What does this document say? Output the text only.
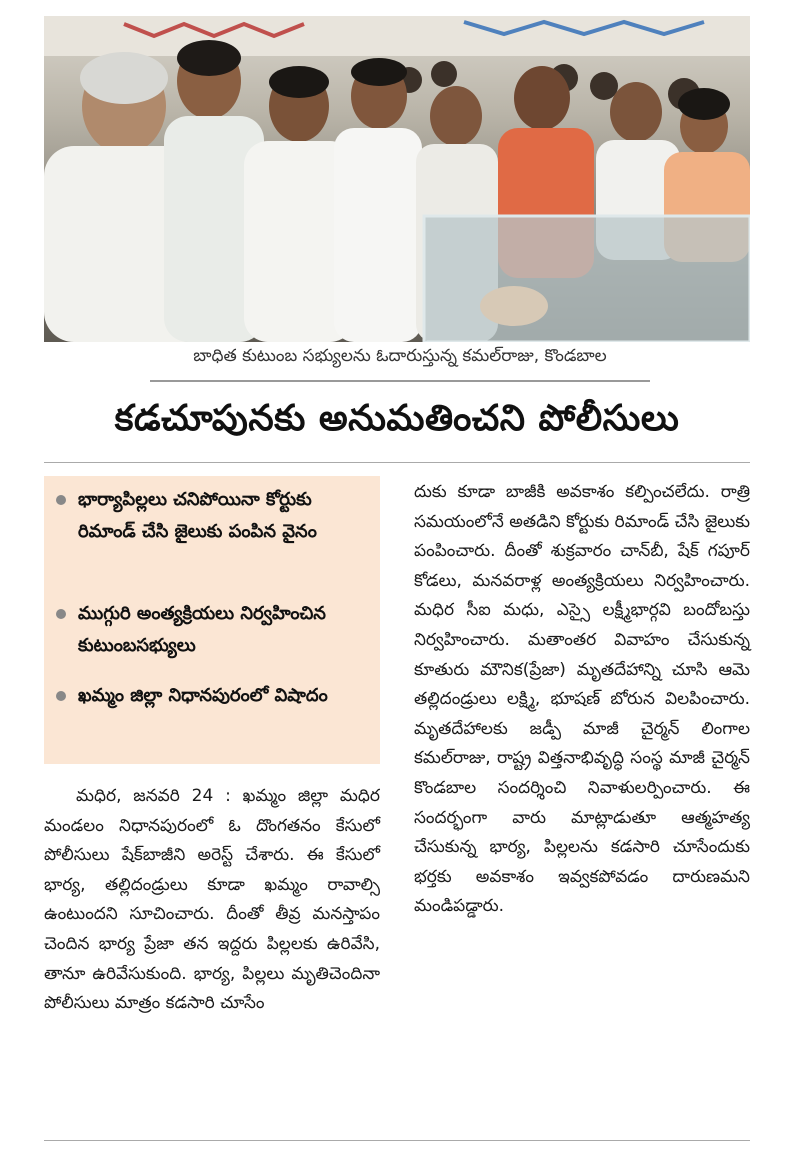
బాధిత కుటుంబ సభ్యులను ఓదారుస్తున్న కమల్‌రాజు, కొండబాల
కడచూపునకు అనుమతించని పోలీసులు
భార్యాపిల్లలు చనిపోయినా కోర్టుకు రిమాండ్‌ చేసి జైలుకు పంపిన వైనం
ముగ్గురి అంత్యక్రియలు నిర్వహించిన కుటుంబసభ్యులు
ఖమ్మం జిల్లా నిధానపురంలో విషాదం
మధిర, జనవరి 24 : ఖమ్మం జిల్లా మధిర మండలం నిధానపురంలో ఓ దొంగతనం కేసులో పోలీసులు షేక్‌బాజీని అరెస్ట్‌ చేశారు. ఈ కేసులో భార్య, తల్లిదండ్రులు కూడా ఖమ్మం రావాల్సి ఉంటుందని సూచించారు. దీంతో తీవ్ర మనస్తాపం చెందిన భార్య ప్రేజా తన ఇద్దరు పిల్లలకు ఉరివేసి, తానూ ఉరివేసుకుంది. భార్య, పిల్లలు మృతిచెందినా పోలీసులు మాత్రం కడసారి చూసేం
దుకు కూడా బాజీకి అవకాశం కల్పించలేదు. రాత్రి సమయంలోనే అతడిని కోర్టుకు రిమాండ్‌ చేసి జైలుకు పంపించారు. దీంతో శుక్రవారం చాన్‌బీ, షేక్‌ గపూర్‌ కోడలు, మనవరాళ్ల అంత్యక్రియలు నిర్వహించారు. మధిర సీఐ మధు, ఎస్సై లక్ష్మీభార్గవి బందోబస్తు నిర్వహించారు. మతాంతర వివాహం చేసుకున్న కూతురు మౌనిక(ప్రేజా) మృతదేహాన్ని చూసి ఆమె తల్లిదండ్రులు లక్ష్మి, భూషణ్‌ బోరున విలపించారు. మృతదేహాలకు జడ్పీ మాజీ చైర్మన్‌ లింగాల కమల్‌రాజు, రాష్ట్ర విత్తనాభివృద్ధి సంస్థ మాజీ చైర్మన్‌ కొండబాల సందర్శించి నివాళులర్పించారు. ఈ సందర్భంగా వారు మాట్లాడుతూ ఆత్మహత్య చేసుకున్న భార్య, పిల్లలను కడసారి చూసేందుకు భర్తకు అవకాశం ఇవ్వకపోవడం దారుణమని మండిపడ్డారు.
